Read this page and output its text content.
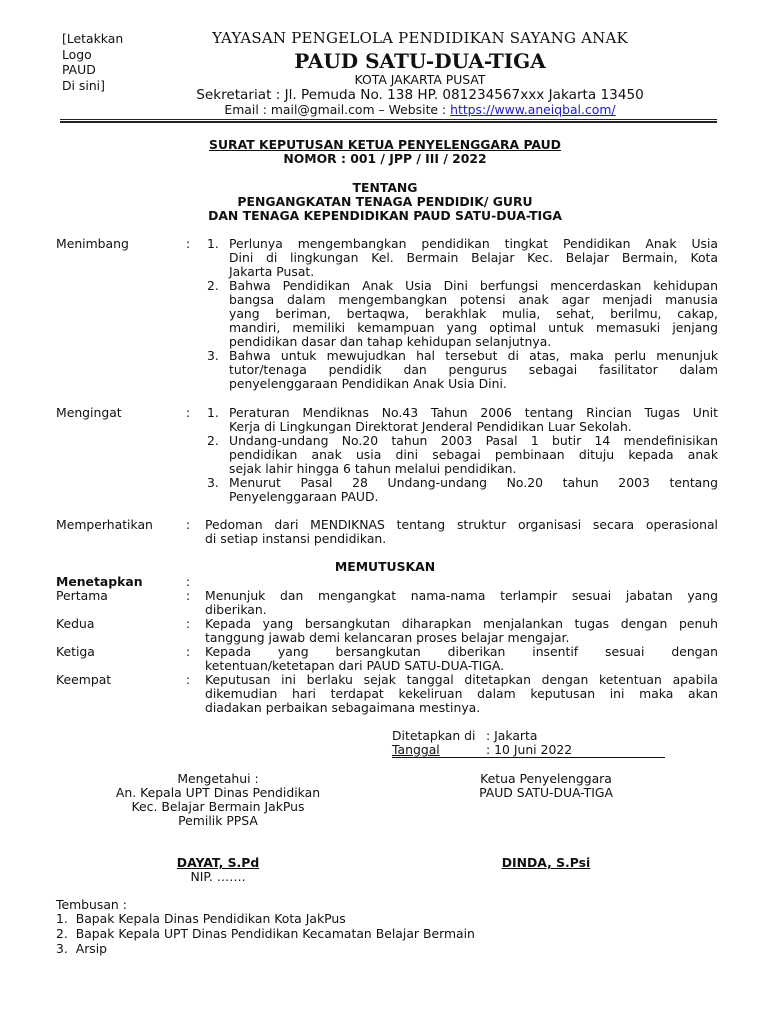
[Letakkan
Logo
PAUD
Di sini]
YAYASAN PENGELOLA PENDIDIKAN SAYANG ANAK
PAUD SATU-DUA-TIGA
KOTA JAKARTA PUSAT
Sekretariat : Jl. Pemuda No. 138 HP. 081234567xxx Jakarta 13450
Email : mail@gmail.com – Website : https://www.aneiqbal.com/
SURAT KEPUTUSAN KETUA PENYELENGGARA PAUD
NOMOR : 001 / JPP / III / 2022
TENTANG
PENGANGKATAN TENAGA PENDIDIK/ GURU
DAN TENAGA KEPENDIDIKAN PAUD SATU-DUA-TIGA
Menimbang	: 1. Perlunya mengembangkan pendidikan tingkat Pendidikan Anak Usia
Dini di lingkungan Kel. Bermain Belajar Kec. Belajar Bermain, Kota
Jakarta Pusat.
2. Bahwa Pendidikan Anak Usia Dini berfungsi mencerdaskan kehidupan
bangsa dalam mengembangkan potensi anak agar menjadi manusia
yang beriman, bertaqwa, berakhlak mulia, sehat, berilmu, cakap,
mandiri, memiliki kemampuan yang optimal untuk memasuki jenjang
pendidikan dasar dan tahap kehidupan selanjutnya.
3. Bahwa untuk mewujudkan hal tersebut di atas, maka perlu menunjuk
tutor/tenaga pendidik dan pengurus sebagai fasilitator dalam
penyelenggaraan Pendidikan Anak Usia Dini.
Mengingat	: 1. Peraturan Mendiknas No.43 Tahun 2006 tentang Rincian Tugas Unit
Kerja di Lingkungan Direktorat Jenderal Pendidikan Luar Sekolah.
2. Undang-undang No.20 tahun 2003 Pasal 1 butir 14 mendefinisikan
pendidikan anak usia dini sebagai pembinaan dituju kepada anak
sejak lahir hingga 6 tahun melalui pendidikan.
3. Menurut Pasal 28 Undang-undang No.20 tahun 2003 tentang
Penyelenggaraan PAUD.
Memperhatikan	: Pedoman dari MENDIKNAS tentang struktur organisasi secara operasional
di setiap instansi pendidikan.
MEMUTUSKAN
Menetapkan	:
Pertama	: Menunjuk dan mengangkat nama-nama terlampir sesuai jabatan yang
diberikan.
Kedua	: Kepada yang bersangkutan diharapkan menjalankan tugas dengan penuh
tanggung jawab demi kelancaran proses belajar mengajar.
Ketiga	: Kepada yang bersangkutan diberikan insentif sesuai dengan
ketentuan/ketetapan dari PAUD SATU-DUA-TIGA.
Keempat	: Keputusan ini berlaku sejak tanggal ditetapkan dengan ketentuan apabila
dikemudian hari terdapat kekeliruan dalam keputusan ini maka akan
diadakan perbaikan sebagaimana mestinya.
Ditetapkan di : Jakarta
Tanggal	: 10 Juni 2022
Mengetahui :
An. Kepala UPT Dinas Pendidikan
Kec. Belajar Bermain JakPus
Pemilik PPSA
DAYAT, S.Pd
NIP. …….
Ketua Penyelenggara
PAUD SATU-DUA-TIGA
DINDA, S.Psi
Tembusan :
1. Bapak Kepala Dinas Pendidikan Kota JakPus
2. Bapak Kepala UPT Dinas Pendidikan Kecamatan Belajar Bermain
3. Arsip
